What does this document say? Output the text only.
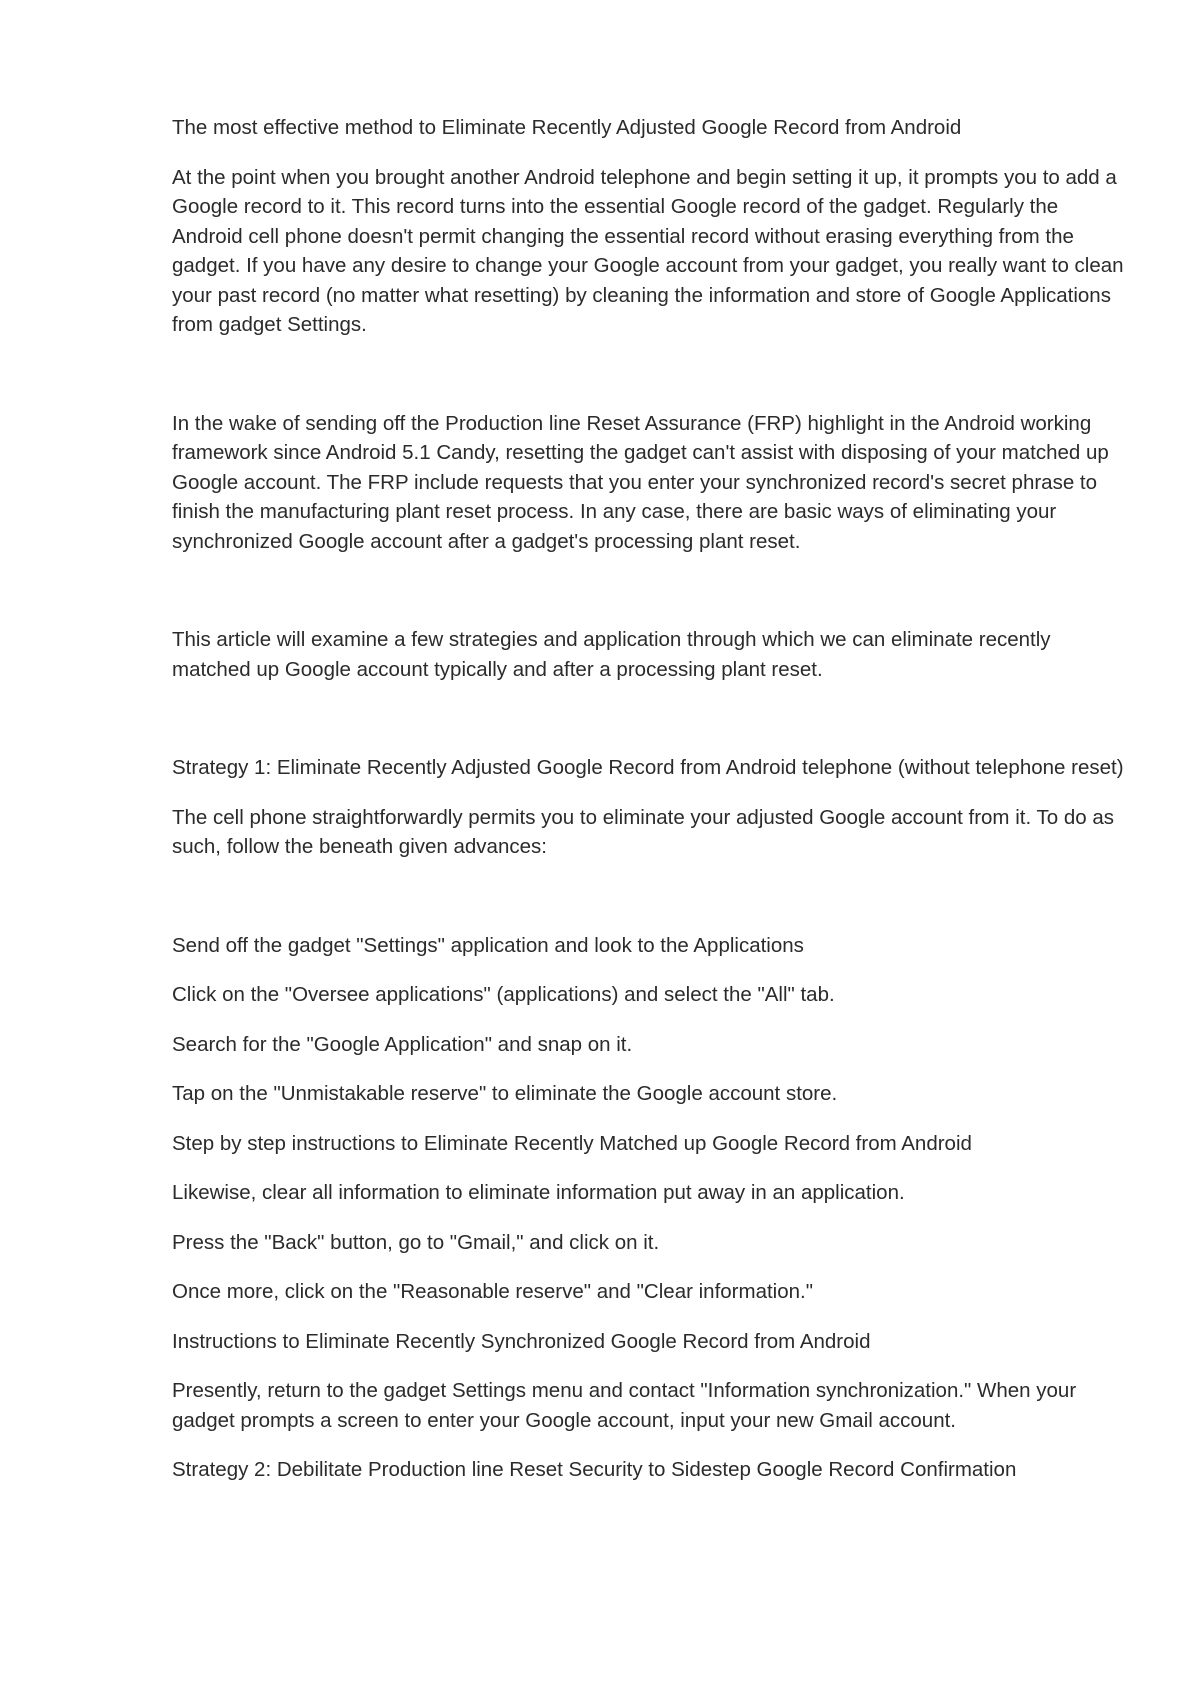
The most effective method to Eliminate Recently Adjusted Google Record from Android

At the point when you brought another Android telephone and begin setting it up, it prompts you to add a Google record to it. This record turns into the essential Google record of the gadget. Regularly the Android cell phone doesn't permit changing the essential record without erasing everything from the gadget. If you have any desire to change your Google account from your gadget, you really want to clean your past record (no matter what resetting) by cleaning the information and store of Google Applications from gadget Settings.

In the wake of sending off the Production line Reset Assurance (FRP) highlight in the Android working framework since Android 5.1 Candy, resetting the gadget can't assist with disposing of your matched up Google account. The FRP include requests that you enter your synchronized record's secret phrase to finish the manufacturing plant reset process. In any case, there are basic ways of eliminating your synchronized Google account after a gadget's processing plant reset.

This article will examine a few strategies and application through which we can eliminate recently matched up Google account typically and after a processing plant reset.

Strategy 1: Eliminate Recently Adjusted Google Record from Android telephone (without telephone reset)

The cell phone straightforwardly permits you to eliminate your adjusted Google account from it. To do as such, follow the beneath given advances:

Send off the gadget "Settings" application and look to the Applications

Click on the "Oversee applications" (applications) and select the "All" tab.

Search for the "Google Application" and snap on it.

Tap on the "Unmistakable reserve" to eliminate the Google account store.

Step by step instructions to Eliminate Recently Matched up Google Record from Android

Likewise, clear all information to eliminate information put away in an application.

Press the "Back" button, go to "Gmail," and click on it.

Once more, click on the "Reasonable reserve" and "Clear information."

Instructions to Eliminate Recently Synchronized Google Record from Android

Presently, return to the gadget Settings menu and contact "Information synchronization." When your gadget prompts a screen to enter your Google account, input your new Gmail account.

Strategy 2: Debilitate Production line Reset Security to Sidestep Google Record Confirmation
